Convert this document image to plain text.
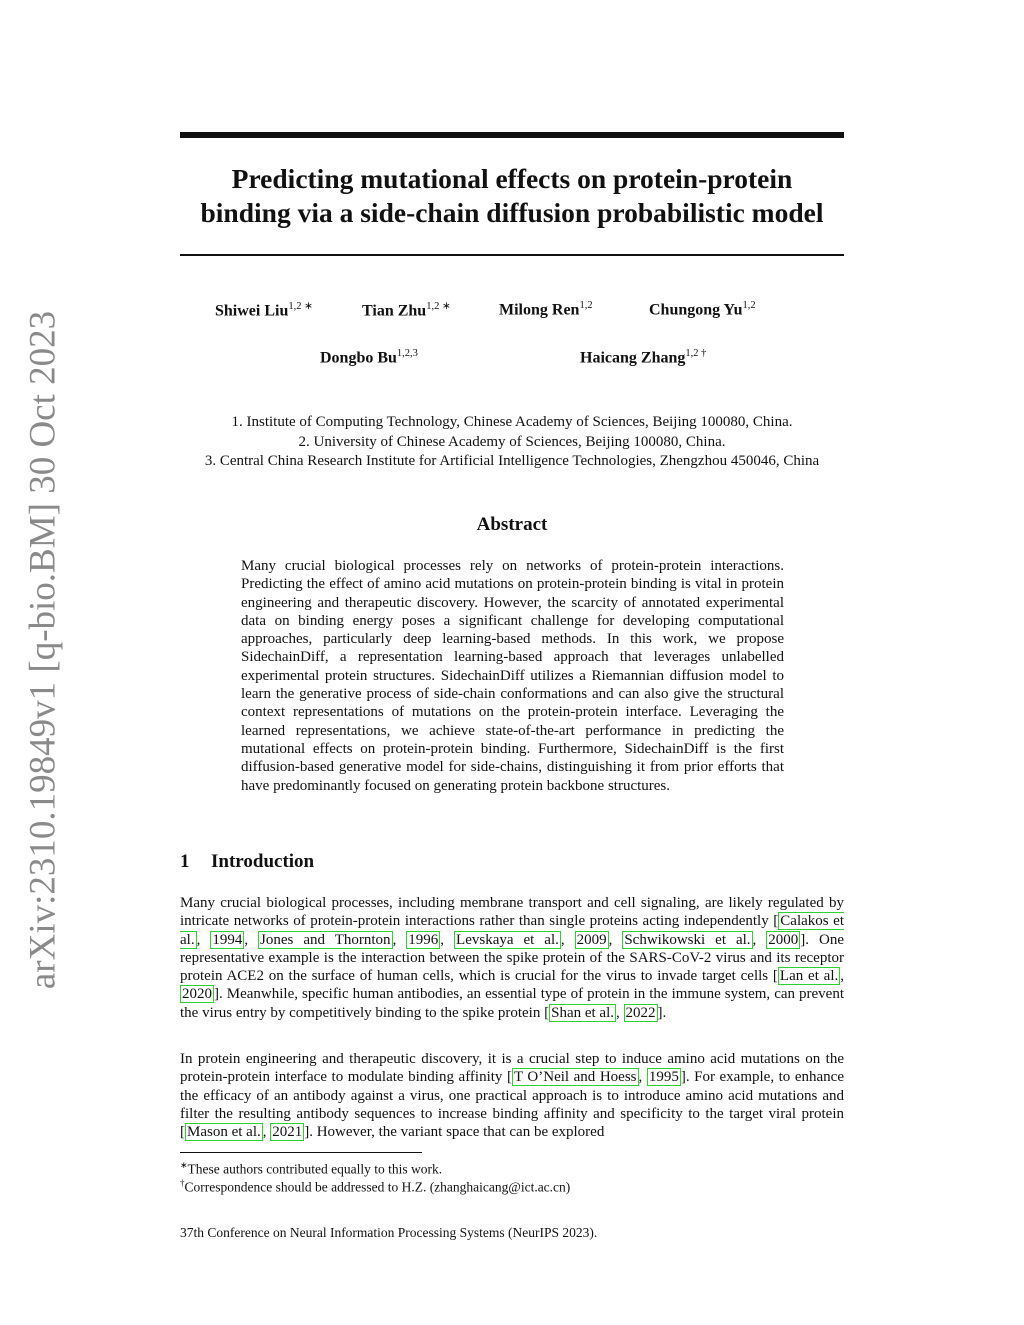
arXiv:2310.19849v1 [q-bio.BM] 30 Oct 2023
Predicting mutational effects on protein-protein
binding via a side-chain diffusion probabilistic model
Shiwei Liu$^{1,2 ∗}$	Tian Zhu$^{1,2 ∗}$	Milong Ren$^{1,2}$	Chungong Yu$^{1,2}$
Dongbo Bu$^{1,2,3}$	Haicang Zhang$^{1,2 \dagger}$
1. Institute of Computing Technology, Chinese Academy of Sciences, Beijing 100080, China.
2. University of Chinese Academy of Sciences, Beijing 100080, China.
3. Central China Research Institute for Artificial Intelligence Technologies, Zhengzhou 450046, China
Abstract
Many crucial biological processes rely on networks of protein-protein interactions. Predicting the effect of amino acid mutations on protein-protein binding is vital in protein engineering and therapeutic discovery. However, the scarcity of annotated experimental data on binding energy poses a significant challenge for developing computational approaches, particularly deep learning-based methods. In this work, we propose SidechainDiff, a representation learning-based approach that leverages unlabelled experimental protein structures. SidechainDiff utilizes a Riemannian diffusion model to learn the generative process of side-chain conformations and can also give the structural context representations of mutations on the protein-protein interface. Leveraging the learned representations, we achieve state-of-the-art performance in predicting the mutational effects on protein-protein binding. Furthermore, SidechainDiff is the first diffusion-based generative model for side-chains, distinguishing it from prior efforts that have predominantly focused on generating protein backbone structures.
1 Introduction
Many crucial biological processes, including membrane transport and cell signaling, are likely regulated by intricate networks of protein-protein interactions rather than single proteins acting independently [ Calakos et al. , 1994 , Jones and Thornton , 1996 , Levskaya et al. , 2009 , Schwikowski et al. , 2000 ]. One representative example is the interaction between the spike protein of the SARS-CoV-2 virus and its receptor protein ACE2 on the surface of human cells, which is crucial for the virus to invade target cells [ Lan et al. , 2020 ]. Meanwhile, specific human antibodies, an essential type of protein in the immune system, can prevent the virus entry by competitively binding to the spike protein [ Shan et al. , 2022 ].
In protein engineering and therapeutic discovery, it is a crucial step to induce amino acid mutations on the protein-protein interface to modulate binding affinity [ T O’Neil and Hoess , 1995 ]. For example, to enhance the efficacy of an antibody against a virus, one practical approach is to introduce amino acid mutations and filter the resulting antibody sequences to increase binding affinity and specificity to the target viral protein [ Mason et al. , 2021 ]. However, the variant space that can be explored
∗These authors contributed equally to this work.
†Correspondence should be addressed to H.Z. (zhanghaicang@ict.ac.cn)
37th Conference on Neural Information Processing Systems (NeurIPS 2023).
